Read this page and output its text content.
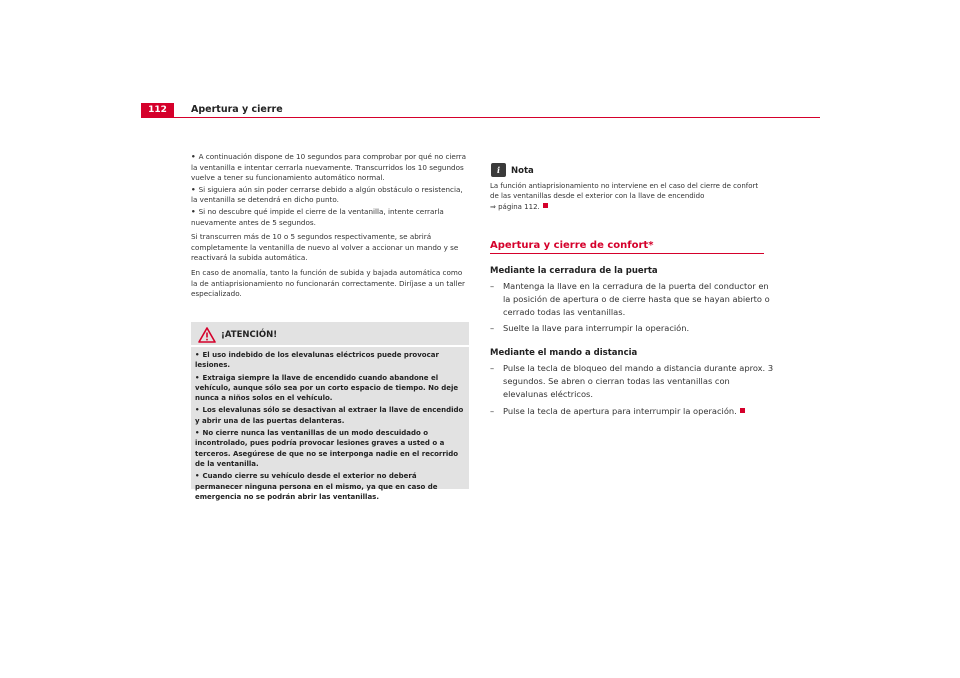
112	Apertura y cierre

• A continuación dispone de 10 segundos para comprobar por qué no cierra la ventanilla e intentar cerrarla nuevamente. Transcurridos los 10 segundos vuelve a tener su funcionamiento automático normal.

• Si siguiera aún sin poder cerrarse debido a algún obstáculo o resistencia, la ventanilla se detendrá en dicho punto.

• Si no descubre qué impide el cierre de la ventanilla, intente cerrarla nuevamente antes de 5 segundos.

Si transcurren más de 10 o 5 segundos respectivamente, se abrirá completamente la ventanilla de nuevo al volver a accionar un mando y se reactivará la subida automática.

En caso de anomalía, tanto la función de subida y bajada automática como la de antiaprisionamiento no funcionarán correctamente. Diríjase a un taller especializado.

¡ATENCIÓN!

• El uso indebido de los elevalunas eléctricos puede provocar lesiones.

• Extraiga siempre la llave de encendido cuando abandone el vehículo, aunque sólo sea por un corto espacio de tiempo. No deje nunca a niños solos en el vehículo.

• Los elevalunas sólo se desactivan al extraer la llave de encendido y abrir una de las puertas delanteras.

• No cierre nunca las ventanillas de un modo descuidado o incontrolado, pues podría provocar lesiones graves a usted o a terceros. Asegúrese de que no se interponga nadie en el recorrido de la ventanilla.

• Cuando cierre su vehículo desde el exterior no deberá permanecer ninguna persona en el mismo, ya que en caso de emergencia no se podrán abrir las ventanillas.

i	Nota

La función antiaprisionamiento no interviene en el caso del cierre de confort de las ventanillas desde el exterior con la llave de encendido
⇒ página 112.

Apertura y cierre de confort*
Mediante la cerradura de la puerta
– Mantenga la llave en la cerradura de la puerta del conductor en la posición de apertura o de cierre hasta que se hayan abierto o cerrado todas las ventanillas.
– Suelte la llave para interrumpir la operación.
Mediante el mando a distancia
– Pulse la tecla de bloqueo del mando a distancia durante aprox. 3 segundos. Se abren o cierran todas las ventanillas con elevalunas eléctricos.
– Pulse la tecla de apertura para interrumpir la operación.
